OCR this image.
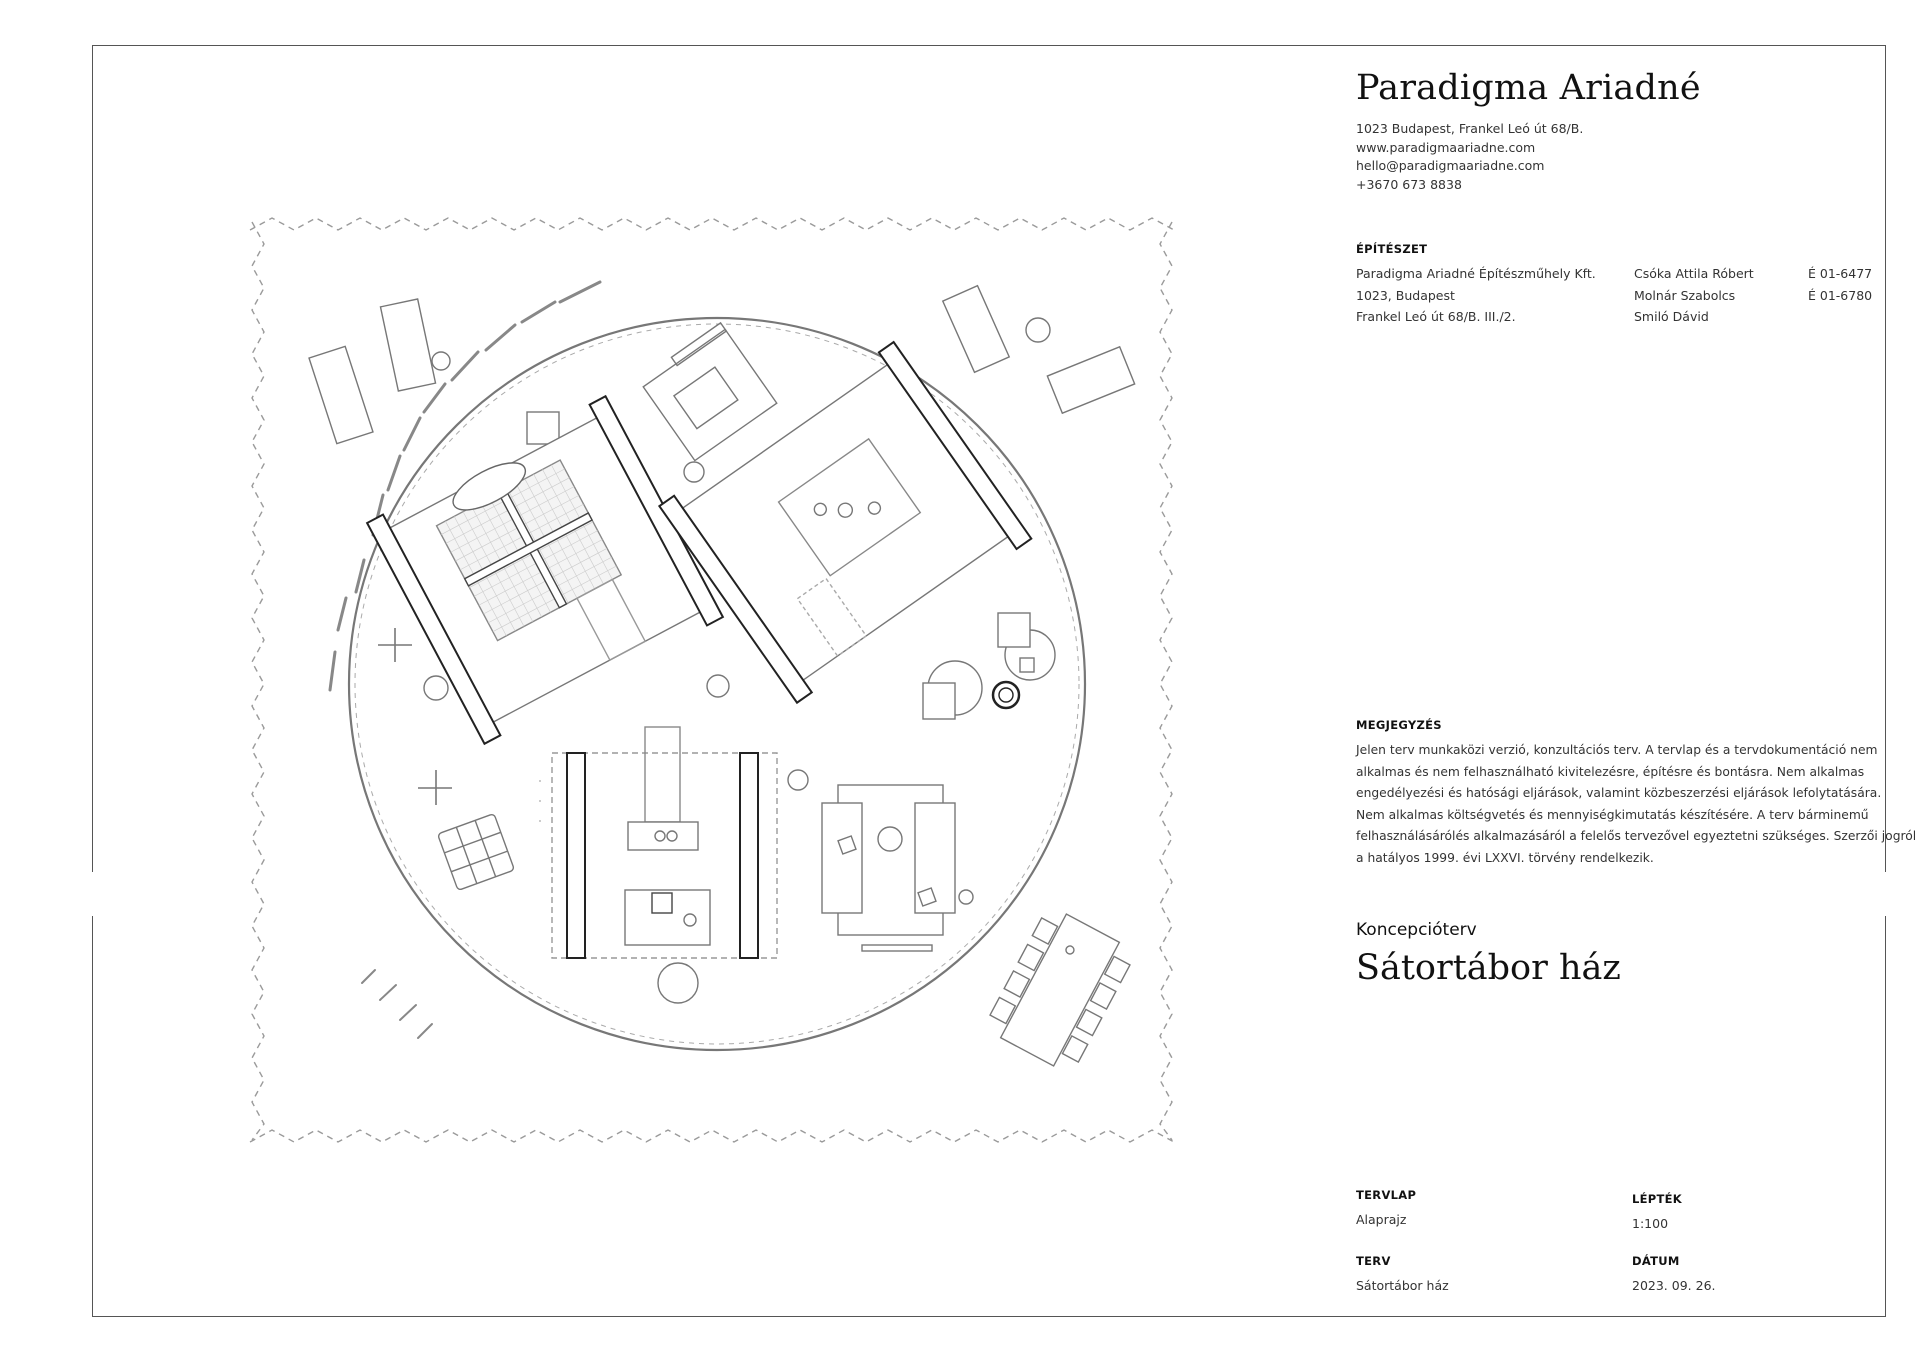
Paradigma Ariadné
1023 Budapest, Frankel Leó út 68/B.
www.paradigmaariadne.com
hello@paradigmaariadne.com
+3670 673 8838
ÉPÍTÉSZET
Paradigma Ariadné Építészműhely Kft.
1023, Budapest
Frankel Leó út 68/B. III./2.
Csóka Attila Róbert
Molnár Szabolcs
Smiló Dávid
É 01-6477
É 01-6780
MEGJEGYZÉS
Jelen terv munkaközi verzió, konzultációs terv. A tervlap és a tervdokumentáció nem
alkalmas és nem felhasználható kivitelezésre, építésre és bontásra. Nem alkalmas
engedélyezési és hatósági eljárások, valamint közbeszerzési eljárások lefolytatására.
Nem alkalmas költségvetés és mennyiségkimutatás készítésére. A terv bárminemű
felhasználásárólés alkalmazásáról a felelős tervezővel egyeztetni szükséges. Szerzői jogról
a hatályos 1999. évi LXXVI. törvény rendelkezik.
Koncepcióterv
Sátortábor ház
TERVLAP
Alaprajz
LÉPTÉK
1:100
TERV
Sátortábor ház
DÁTUM
2023. 09. 26.
